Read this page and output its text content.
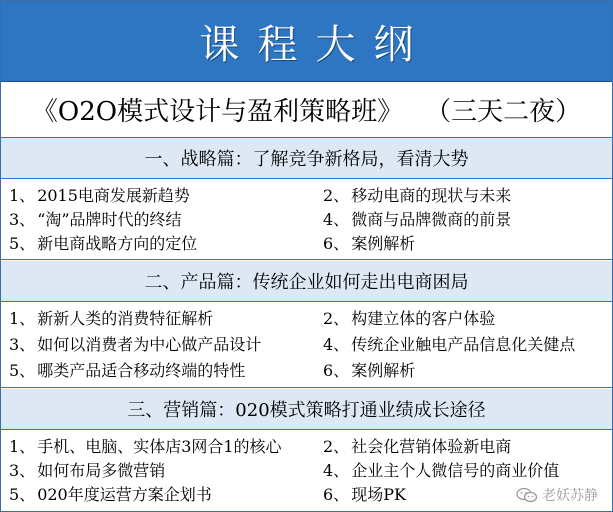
课程大纲
《O2O模式设计与盈利策略班》 （三天二夜）
一、战略篇：了解竞争新格局，看清大势
1、 2015电商发展新趋势	2、 移动电商的现状与未来
3、 “淘”品牌时代的终结	4、 微商与品牌微商的前景
5、 新电商战略方向的定位	6、 案例解析
二、产品篇：传统企业如何走出电商困局
1、 新新人类的消费特征解析	2、 构建立体的客户体验
3、 如何以消费者为中心做产品设计	4、 传统企业触电产品信息化关健点
5、 哪类产品适合移动终端的特性	6、 案例解析
三、营销篇：020模式策略打通业绩成长途径
1、 手机、电脑、实体店3网合1的核心	2、 社会化营销体验新电商
3、 如何布局多微营销	4、 企业主个人微信号的商业价值
5、 020年度运营方案企划书	6、 现场PK	老妖苏静
